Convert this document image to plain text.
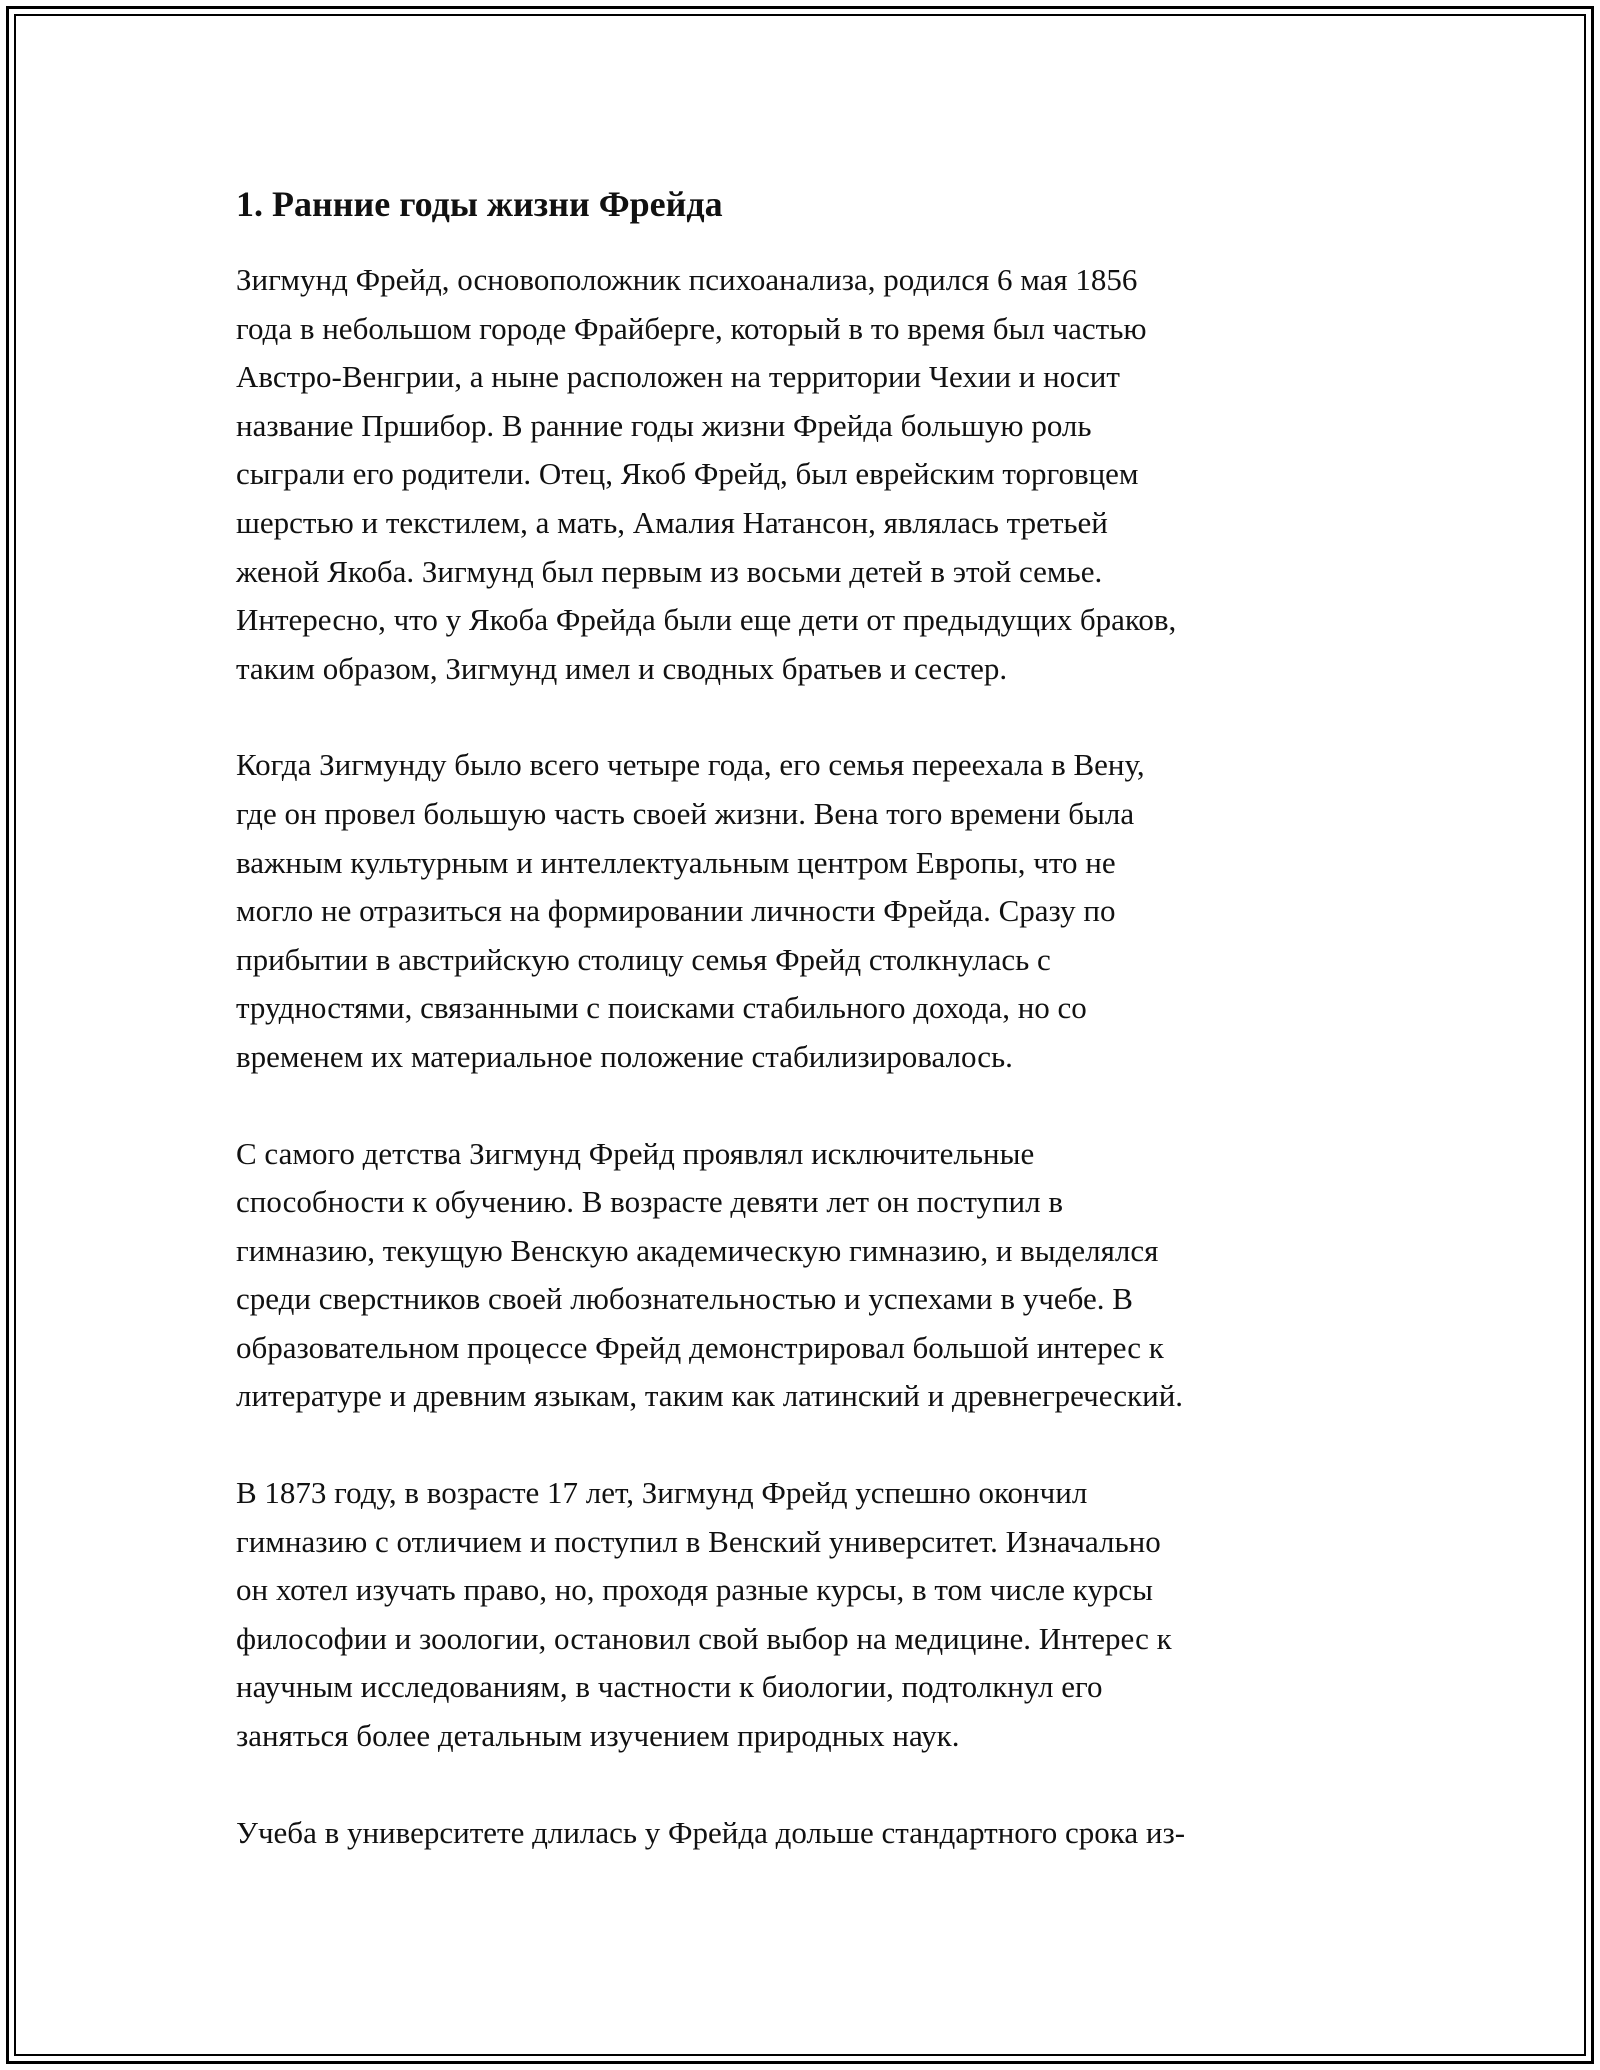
1. Ранние годы жизни Фрейда

Зигмунд Фрейд, основоположник психоанализа, родился 6 мая 1856
года в небольшом городе Фрайберге, который в то время был частью
Австро-Венгрии, а ныне расположен на территории Чехии и носит
название Пршибор. В ранние годы жизни Фрейда большую роль
сыграли его родители. Отец, Якоб Фрейд, был еврейским торговцем
шерстью и текстилем, а мать, Амалия Натансон, являлась третьей
женой Якоба. Зигмунд был первым из восьми детей в этой семье.
Интересно, что у Якоба Фрейда были еще дети от предыдущих браков,
таким образом, Зигмунд имел и сводных братьев и сестер.

Когда Зигмунду было всего четыре года, его семья переехала в Вену,
где он провел большую часть своей жизни. Вена того времени была
важным культурным и интеллектуальным центром Европы, что не
могло не отразиться на формировании личности Фрейда. Сразу по
прибытии в австрийскую столицу семья Фрейд столкнулась с
трудностями, связанными с поисками стабильного дохода, но со
временем их материальное положение стабилизировалось.

С самого детства Зигмунд Фрейд проявлял исключительные
способности к обучению. В возрасте девяти лет он поступил в
гимназию, текущую Венскую академическую гимназию, и выделялся
среди сверстников своей любознательностью и успехами в учебе. В
образовательном процессе Фрейд демонстрировал большой интерес к
литературе и древним языкам, таким как латинский и древнегреческий.

В 1873 году, в возрасте 17 лет, Зигмунд Фрейд успешно окончил
гимназию с отличием и поступил в Венский университет. Изначально
он хотел изучать право, но, проходя разные курсы, в том числе курсы
философии и зоологии, остановил свой выбор на медицине. Интерес к
научным исследованиям, в частности к биологии, подтолкнул его
заняться более детальным изучением природных наук.

Учеба в университете длилась у Фрейда дольше стандартного срока из-
